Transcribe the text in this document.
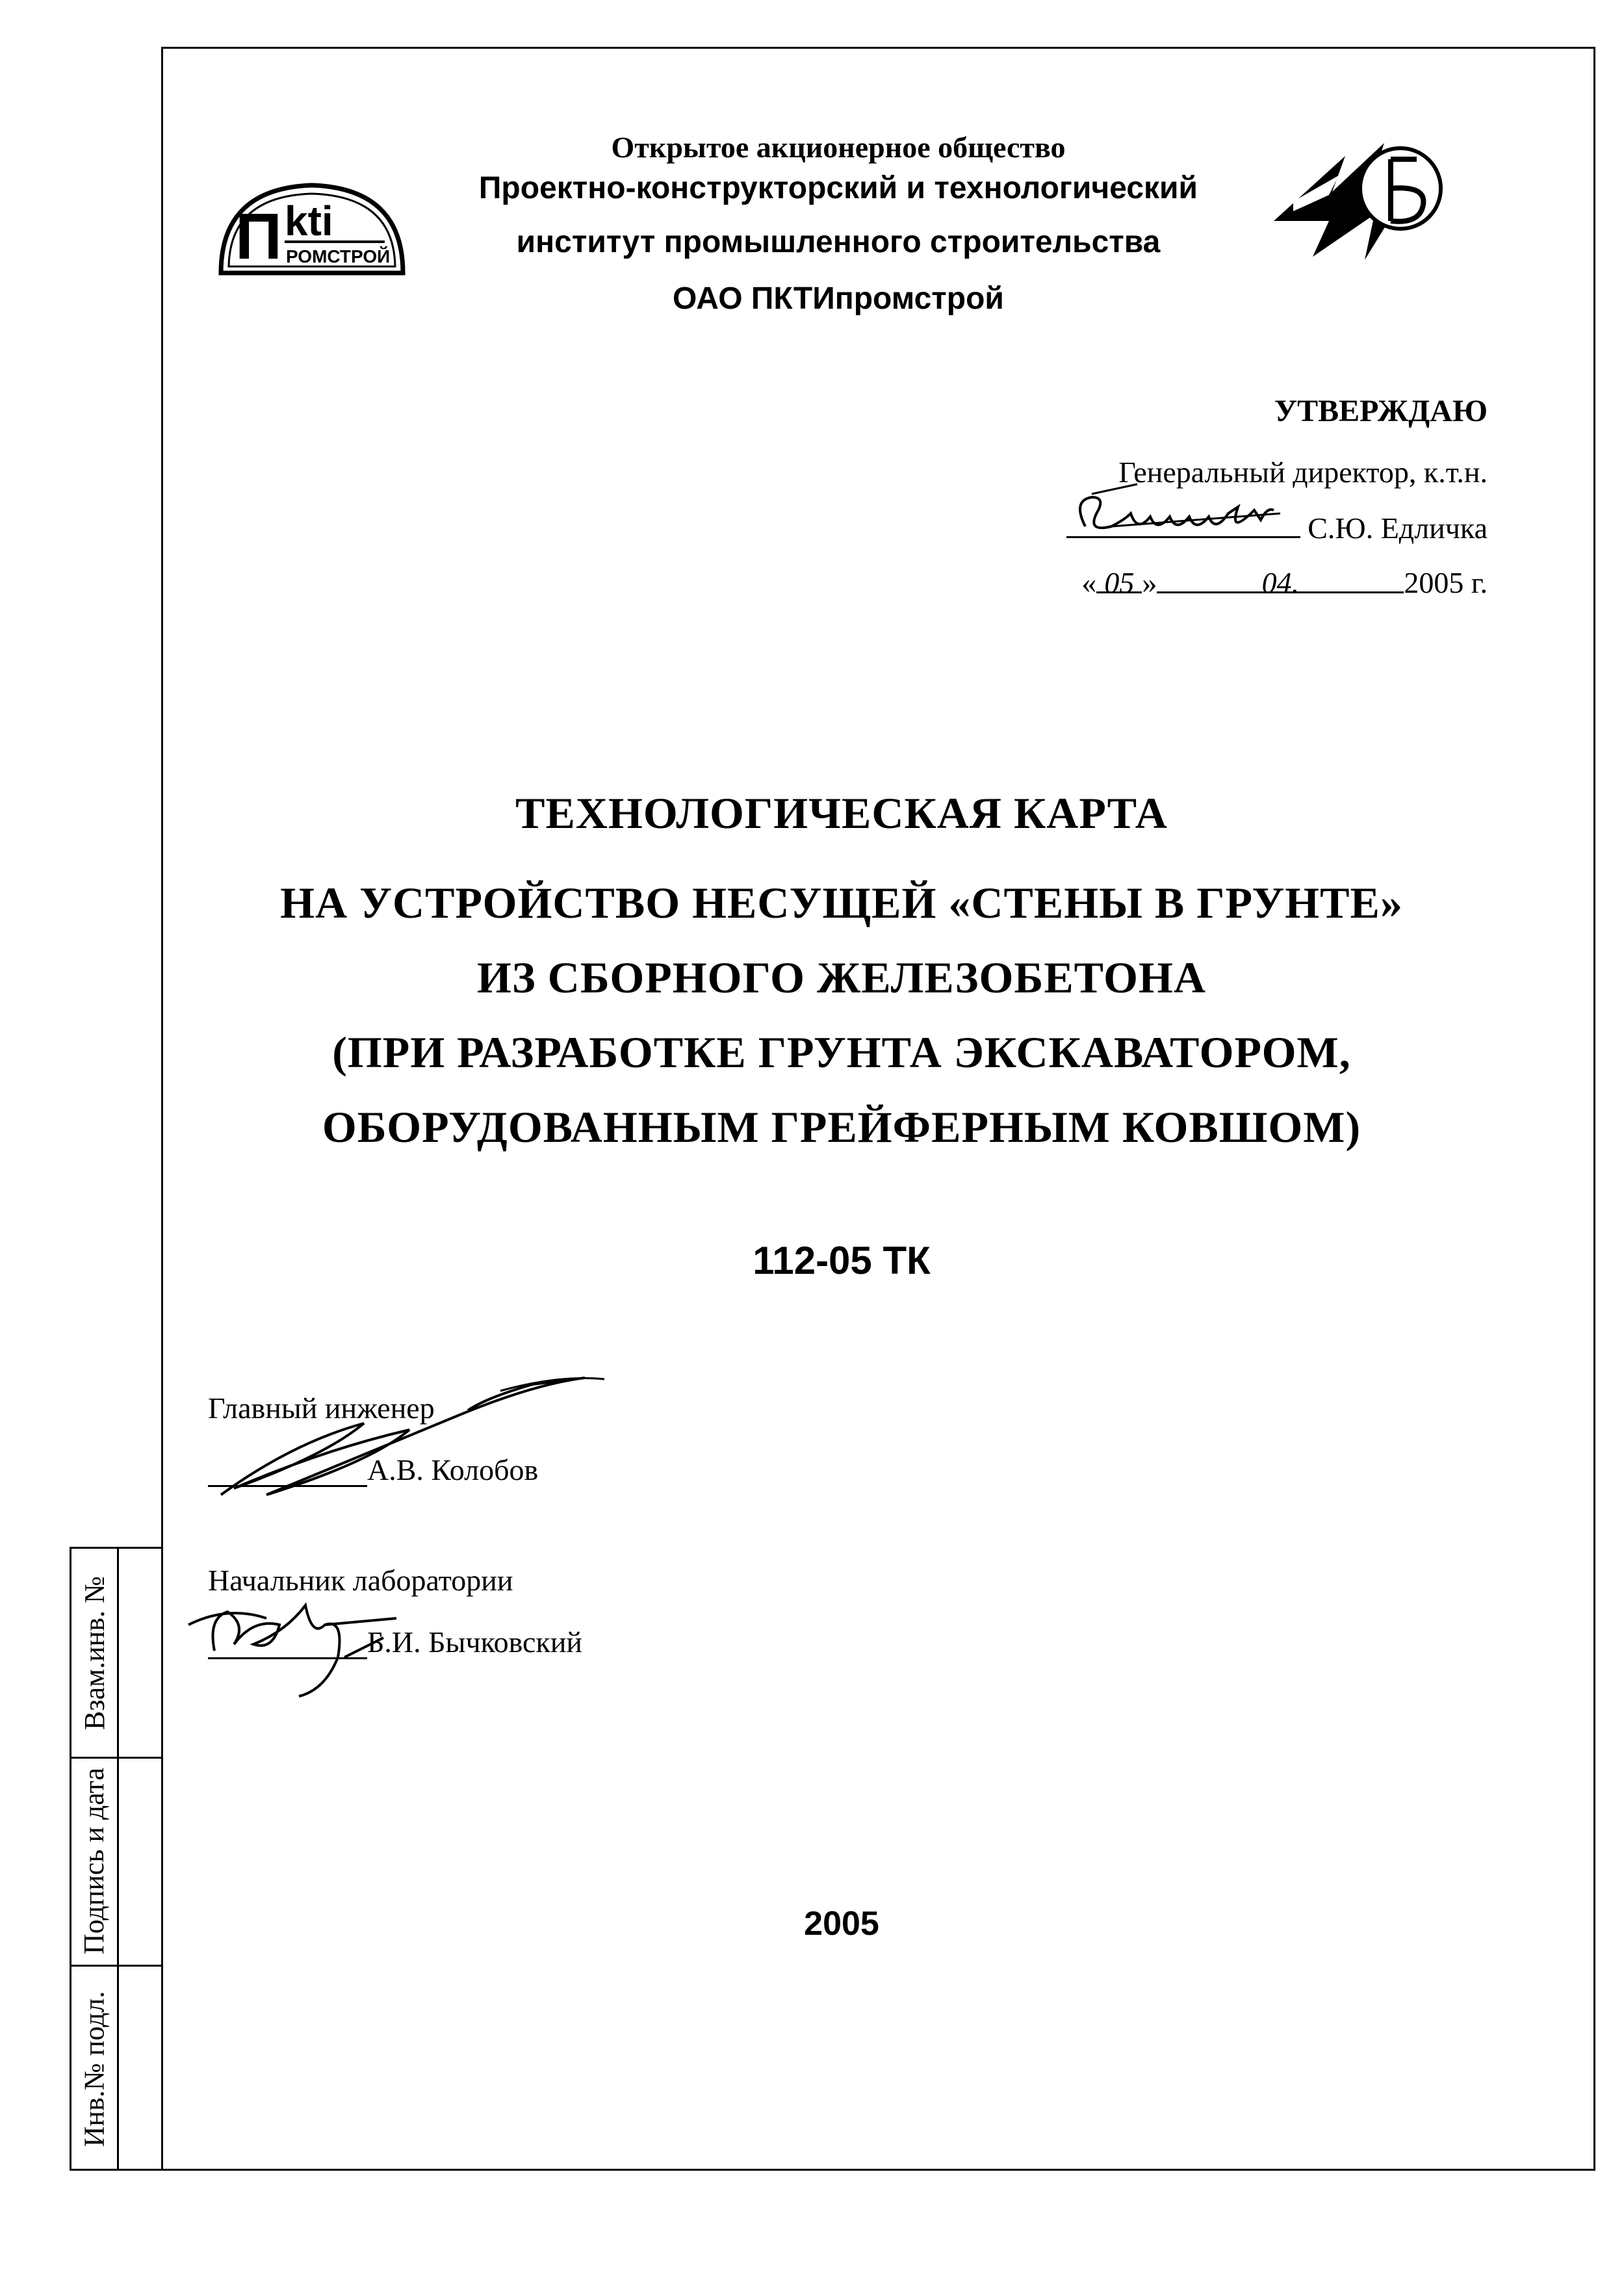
Взам.инв. №
Подпись и дата
Инв.№ подл.
П kti
РОМСТРОЙ
Открытое акционерное общество
Проектно-конструкторский и технологический
институт промышленного строительства
ОАО ПКТИпромстрой
УТВЕРЖДАЮ
Генеральный директор, к.т.н.
С.Ю. Едличка
« 05 »	04.	2005 г.
ТЕХНОЛОГИЧЕСКАЯ КАРТА
НА УСТРОЙСТВО НЕСУЩЕЙ «СТЕНЫ В ГРУНТЕ»
ИЗ СБОРНОГО ЖЕЛЕЗОБЕТОНА
(ПРИ РАЗРАБОТКЕ ГРУНТА ЭКСКАВАТОРОМ,
ОБОРУДОВАННЫМ ГРЕЙФЕРНЫМ КОВШОМ)
112-05 ТК
Главный инженер
А.В. Колобов
Начальник лаборатории
Б.И. Бычковский
2005
